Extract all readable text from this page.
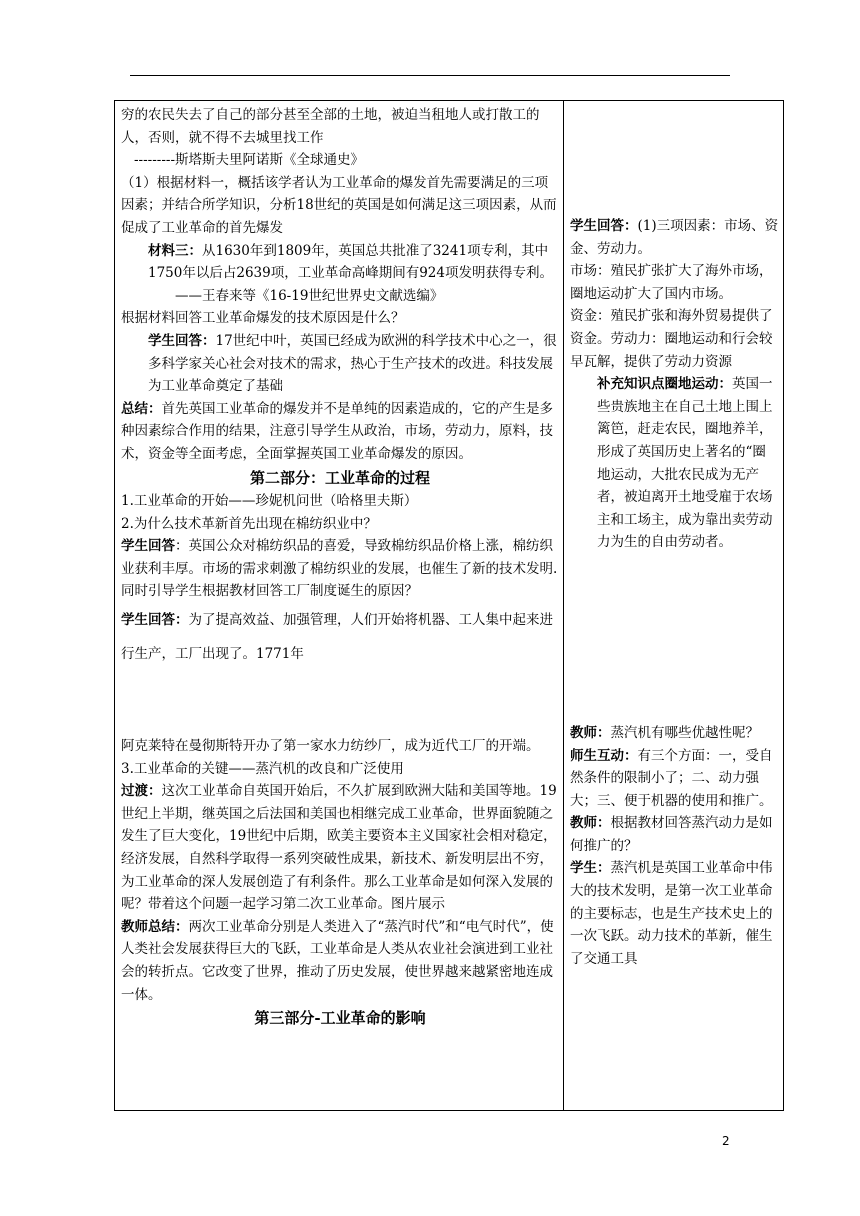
穷的农民失去了自己的部分甚至全部的土地，被迫当租地人或打散工的人，否则，就不得不去城里找工作

---------斯塔斯夫里阿诺斯《全球通史》

（1）根据材料一，概括该学者认为工业革命的爆发首先需要满足的三项因素；并结合所学知识，分析18世纪的英国是如何满足这三项因素，从而促成了工业革命的首先爆发

材料三：从1630年到1809年，英国总共批准了3241项专利，其中1750年以后占2639项，工业革命高峰期间有924项发明获得专利。

——王春来等《16-19世纪世界史文献选编》

根据材料回答工业革命爆发的技术原因是什么？

学生回答：17世纪中叶，英国已经成为欧洲的科学技术中心之一，很多科学家关心社会对技术的需求，热心于生产技术的改进。科技发展为工业革命奠定了基础

总结：首先英国工业革命的爆发并不是单纯的因素造成的，它的产生是多种因素综合作用的结果，注意引导学生从政治，市场，劳动力，原料，技术，资金等全面考虑，全面掌握英国工业革命爆发的原因。

第二部分：工业革命的过程

1.工业革命的开始——珍妮机问世（哈格里夫斯）

2.为什么技术革新首先出现在棉纺织业中？

学生回答：英国公众对棉纺织品的喜爱，导致棉纺织品价格上涨，棉纺织业获利丰厚。市场的需求刺激了棉纺织业的发展，也催生了新的技术发明.

同时引导学生根据教材回答工厂制度诞生的原因？

学生回答：为了提高效益、加强管理，人们开始将机器、工人集中起来进行生产，工厂出现了。1771年

阿克莱特在曼彻斯特开办了第一家水力纺纱厂，成为近代工厂的开端。

3.工业革命的关键——蒸汽机的改良和广泛使用

过渡：这次工业革命自英国开始后，不久扩展到欧洲大陆和美国等地。19世纪上半期，继英国之后法国和美国也相继完成工业革命，世界面貌随之发生了巨大变化，19世纪中后期，欧美主要资本主义国家社会相对稳定，经济发展，自然科学取得一系列突破性成果，新技术、新发明层出不穷，为工业革命的深人发展创造了有利条件。那么工业革命是如何深入发展的呢？带着这个问题一起学习第二次工业革命。图片展示

教师总结：两次工业革命分别是人类进入了“蒸汽时代”和“电气时代”，使人类社会发展获得巨大的飞跃，工业革命是人类从农业社会演进到工业社会的转折点。它改变了世界，推动了历史发展，使世界越来越紧密地连成一体。

第三部分-工业革命的影响

学生回答：(1)三项因素：市场、资金、劳动力。

市场：殖民扩张扩大了海外市场，圈地运动扩大了国内市场。

资金：殖民扩张和海外贸易提供了资金。劳动力：圈地运动和行会较早瓦解，提供了劳动力资源

补充知识点圈地运动：英国一些贵族地主在自己土地上围上篱笆，赶走农民，圈地养羊，形成了英国历史上著名的“圈地运动，大批农民成为无产者，被迫离开土地受雇于农场主和工场主，成为靠出卖劳动力为生的自由劳动者。

教师：蒸汽机有哪些优越性呢？

师生互动：有三个方面：一，受自然条件的限制小了；二、动力强大；三、便于机器的使用和推广。

教师：根据教材回答蒸汽动力是如何推广的？

学生：蒸汽机是英国工业革命中伟大的技术发明，是第一次工业革命的主要标志，也是生产技术史上的一次飞跃。动力技术的革新，催生了交通工具

2
